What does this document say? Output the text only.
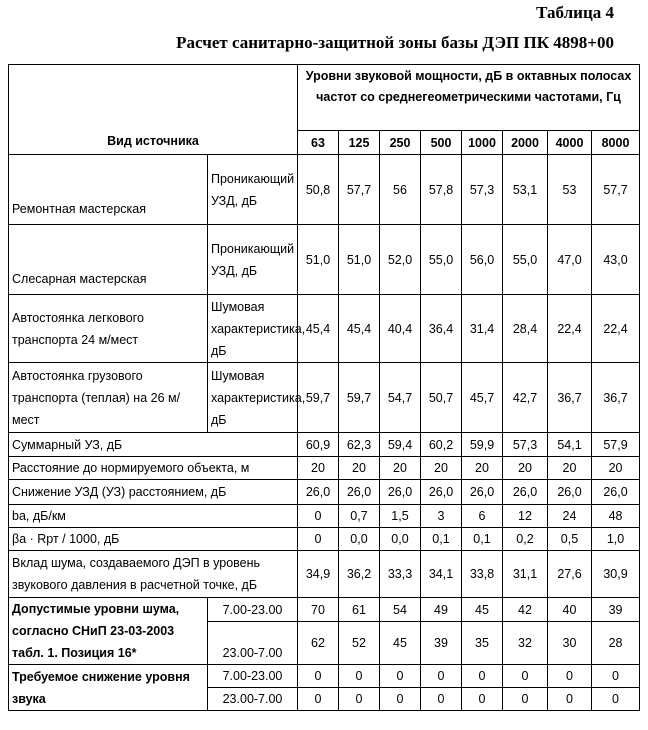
Таблица 4
Расчет санитарно-защитной зоны базы ДЭП ПК 4898+00
Вид источника		Уровни звуковой мощности, дБ в октавных полосах частот со среднегеометрическими частотами, Гц							
		63	125	250	500	1000	2000	4000	8000
Ремонтная мастерская	Проникающий УЗД, дБ	50,8	57,7	56	57,8	57,3	53,1	53	57,7
Слесарная мастерская	Проникающий УЗД, дБ	51,0	51,0	52,0	55,0	56,0	55,0	47,0	43,0
Автостоянка легкового транспорта 24 м/мест	Шумовая характеристика, дБ	45,4	45,4	40,4	36,4	31,4	28,4	22,4	22,4
Автостоянка грузового транспорта (теплая) на 26 м/мест	Шумовая характеристика, дБ	59,7	59,7	54,7	50,7	45,7	42,7	36,7	36,7
Суммарный УЗ, дБ		60,9	62,3	59,4	60,2	59,9	57,3	54,1	57,9
Расстояние до нормируемого объекта, м		20	20	20	20	20	20	20	20
Снижение УЗД (УЗ) расстоянием, дБ		26,0	26,0	26,0	26,0	26,0	26,0	26,0	26,0
bа, дБ/км		0	0,7	1,5	3	6	12	24	48
βа · Rрт / 1000, дБ		0	0,0	0,0	0,1	0,1	0,2	0,5	1,0
Вклад шума, создаваемого ДЭП в уровень звукового давления в расчетной точке, дБ		34,9	36,2	33,3	34,1	33,8	31,1	27,6	30,9
Допустимые уровни шума, согласно СНиП 23-03-2003 табл. 1. Позиция 16*	7.00-23.00	70	61	54	49	45	42	40	39
	23.00-7.00	62	52	45	39	35	32	30	28
Требуемое снижение уровня звука	7.00-23.00	0	0	0	0	0	0	0	0
	23.00-7.00	0	0	0	0	0	0	0	0
